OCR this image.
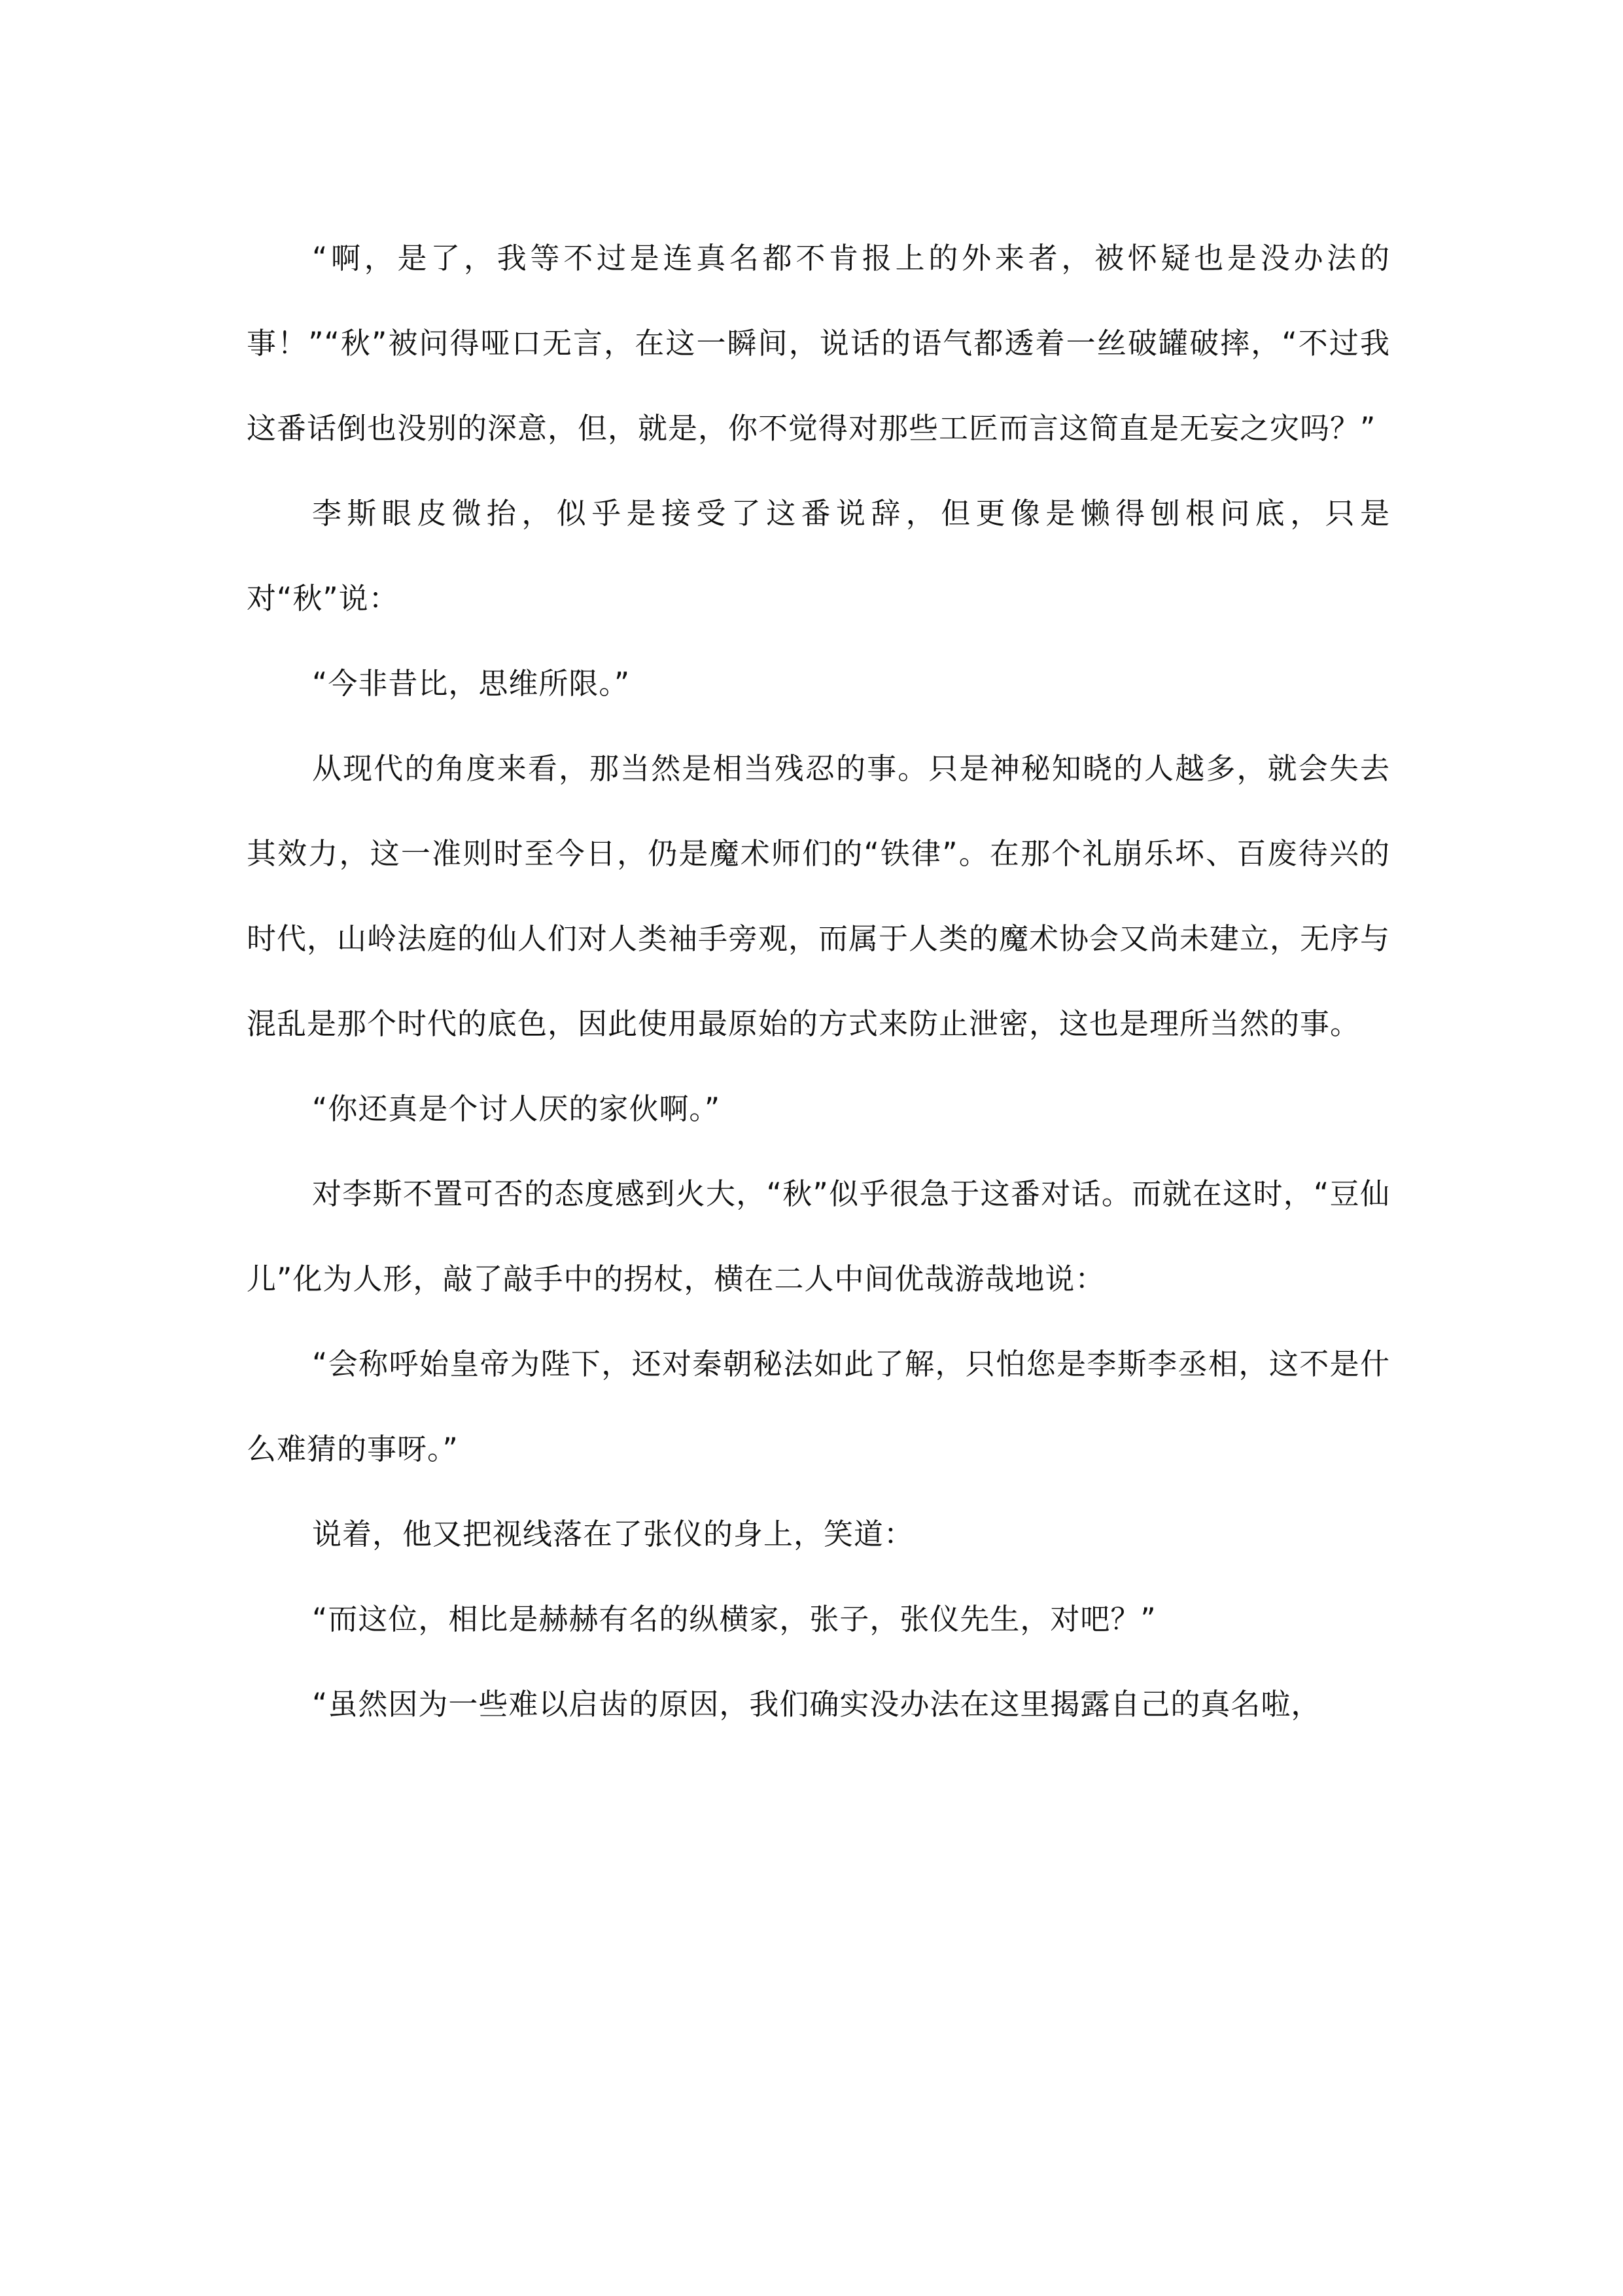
“啊，是了，我等不过是连真名都不肯报上的外来者，被怀疑也是没办法的事！”“秋”被问得哑口无言，在这一瞬间，说话的语气都透着一丝破罐破摔，“不过我这番话倒也没别的深意，但，就是，你不觉得对那些工匠而言这简直是无妄之灾吗？”

李斯眼皮微抬，似乎是接受了这番说辞，但更像是懒得刨根问底，只是对“秋”说：

“今非昔比，思维所限。”

从现代的角度来看，那当然是相当残忍的事。只是神秘知晓的人越多，就会失去其效力，这一准则时至今日，仍是魔术师们的“铁律”。在那个礼崩乐坏、百废待兴的时代，山岭法庭的仙人们对人类袖手旁观，而属于人类的魔术协会又尚未建立，无序与混乱是那个时代的底色，因此使用最原始的方式来防止泄密，这也是理所当然的事。

“你还真是个讨人厌的家伙啊。”

对李斯不置可否的态度感到火大，“秋”似乎很急于这番对话。而就在这时，“豆仙儿”化为人形，敲了敲手中的拐杖，横在二人中间优哉游哉地说：

“会称呼始皇帝为陛下，还对秦朝秘法如此了解，只怕您是李斯李丞相，这不是什么难猜的事呀。”

说着，他又把视线落在了张仪的身上，笑道：

“而这位，相比是赫赫有名的纵横家，张子，张仪先生，对吧？”

“虽然因为一些难以启齿的原因，我们确实没办法在这里揭露自己的真名啦，
